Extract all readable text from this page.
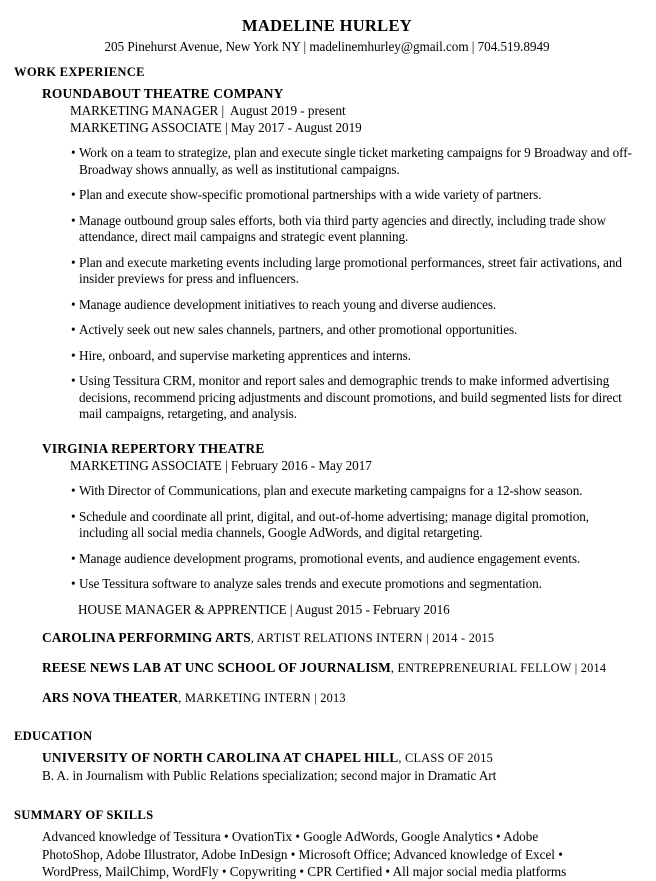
MADELINE HURLEY
205 Pinehurst Avenue, New York NY | madelinemhurley@gmail.com | 704.519.8949
WORK EXPERIENCE
ROUNDABOUT THEATRE COMPANY
MARKETING MANAGER |  August 2019 - present
MARKETING ASSOCIATE | May 2017 - August 2019
• Work on a team to strategize, plan and execute single ticket marketing campaigns for 9 Broadway and off-Broadway shows annually, as well as institutional campaigns.
• Plan and execute show-specific promotional partnerships with a wide variety of partners.
• Manage outbound group sales efforts, both via third party agencies and directly, including trade show attendance, direct mail campaigns and strategic event planning.
• Plan and execute marketing events including large promotional performances, street fair activations, and insider previews for press and influencers.
• Manage audience development initiatives to reach young and diverse audiences.
• Actively seek out new sales channels, partners, and other promotional opportunities.
• Hire, onboard, and supervise marketing apprentices and interns.
• Using Tessitura CRM, monitor and report sales and demographic trends to make informed advertising decisions, recommend pricing adjustments and discount promotions, and build segmented lists for direct mail campaigns, retargeting, and analysis.
VIRGINIA REPERTORY THEATRE
MARKETING ASSOCIATE | February 2016 - May 2017
• With Director of Communications, plan and execute marketing campaigns for a 12-show season.
• Schedule and coordinate all print, digital, and out-of-home advertising; manage digital promotion, including all social media channels, Google AdWords, and digital retargeting.
• Manage audience development programs, promotional events, and audience engagement events.
• Use Tessitura software to analyze sales trends and execute promotions and segmentation.
HOUSE MANAGER & APPRENTICE | August 2015 - February 2016
CAROLINA PERFORMING ARTS, ARTIST RELATIONS INTERN | 2014 - 2015
REESE NEWS LAB AT UNC SCHOOL OF JOURNALISM, ENTREPRENEURIAL FELLOW | 2014
ARS NOVA THEATER, MARKETING INTERN | 2013
EDUCATION
UNIVERSITY OF NORTH CAROLINA AT CHAPEL HILL, CLASS OF 2015
B. A. in Journalism with Public Relations specialization; second major in Dramatic Art
SUMMARY OF SKILLS
Advanced knowledge of Tessitura • OvationTix • Google AdWords, Google Analytics • Adobe
PhotoShop, Adobe Illustrator, Adobe InDesign • Microsoft Office; Advanced knowledge of Excel •
WordPress, MailChimp, WordFly • Copywriting • CPR Certified • All major social media platforms
